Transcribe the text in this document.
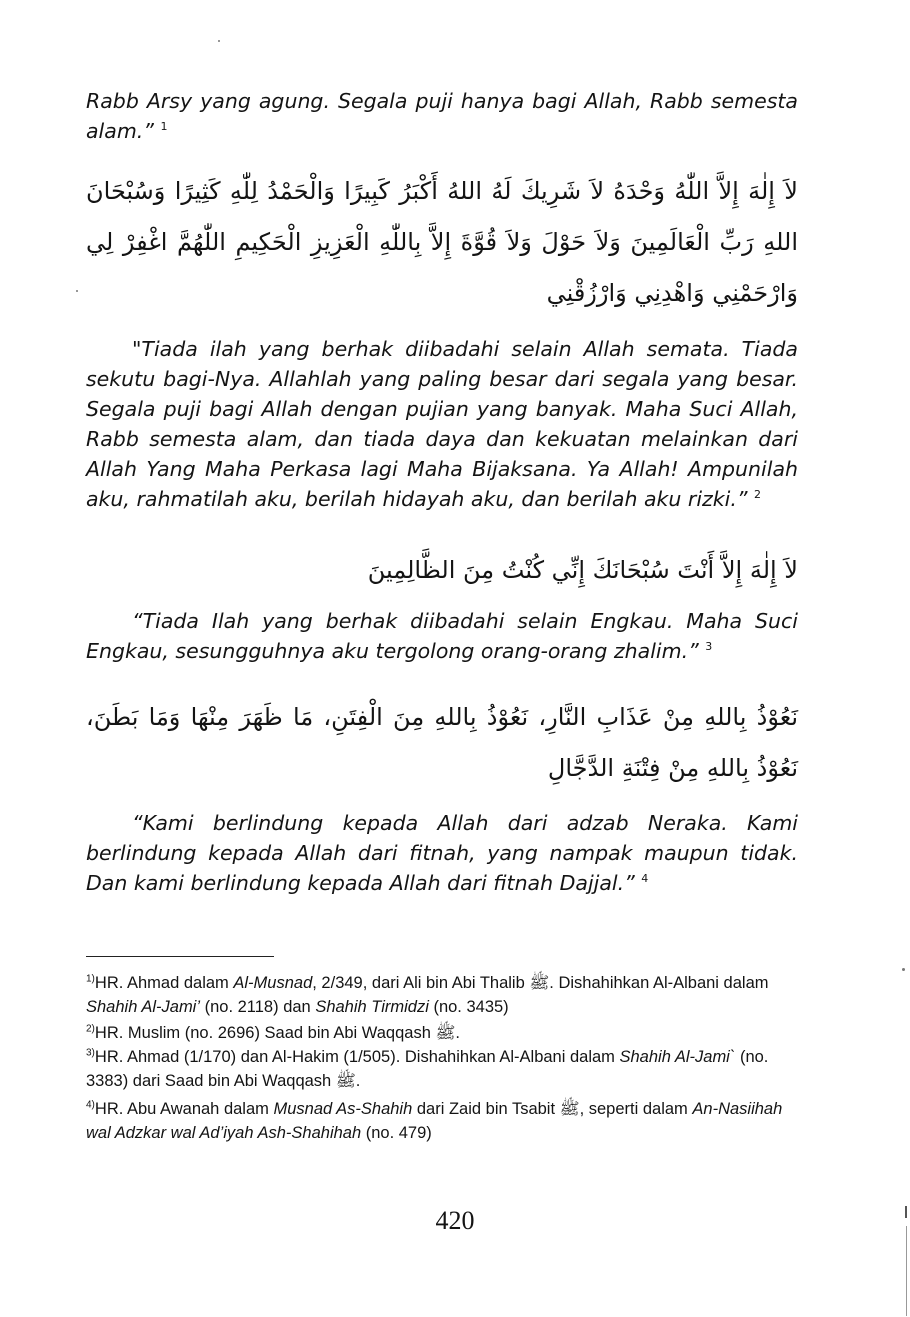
Rabb Arsy yang agung. Segala puji hanya bagi Allah, Rabb semesta alam.” $^1$

لاَ إِلٰهَ إِلاَّ اللّٰهُ وَحْدَهُ لاَ شَرِيكَ لَهُ اللهُ أَكْبَرُ كَبِيرًا وَالْحَمْدُ لِلّٰهِ كَثِيرًا وَسُبْحَانَ اللهِ رَبِّ الْعَالَمِينَ وَلاَ حَوْلَ وَلاَ قُوَّةَ إِلاَّ بِاللّٰهِ الْعَزِيزِ الْحَكِيمِ اللّٰهُمَّ اغْفِرْ لِي وَارْحَمْنِي وَاهْدِنِي وَارْزُقْنِي

"Tiada ilah yang berhak diibadahi selain Allah semata. Tiada sekutu bagi-Nya. Allahlah yang paling besar dari segala yang besar. Segala puji bagi Allah dengan pujian yang banyak. Maha Suci Allah, Rabb semesta alam, dan tiada daya dan kekuatan melainkan dari Allah Yang Maha Perkasa lagi Maha Bijaksana. Ya Allah! Ampunilah aku, rahmatilah aku, berilah hidayah aku, dan berilah aku rizki.” $^2$

لاَ إِلٰهَ إِلاَّ أَنْتَ سُبْحَانَكَ إِنِّي كُنْتُ مِنَ الظَّالِمِينَ

“Tiada Ilah yang berhak diibadahi selain Engkau. Maha Suci Engkau, sesungguhnya aku tergolong orang-orang zhalim.” $^3$

نَعُوْذُ بِاللهِ مِنْ عَذَابِ النَّارِ، نَعُوْذُ بِاللهِ مِنَ الْفِتَنِ، مَا ظَهَرَ مِنْهَا وَمَا بَطَنَ، نَعُوْذُ بِاللهِ مِنْ فِتْنَةِ الدَّجَّالِ

“Kami berlindung kepada Allah dari adzab Neraka. Kami berlindung kepada Allah dari fitnah, yang nampak maupun tidak. Dan kami berlindung kepada Allah dari fitnah Dajjal.” $^4$

$^{1)}$HR. Ahmad dalam Al-Musnad, 2/349, dari Ali bin Abi Thalib ﷺ. Dishahihkan Al-Albani dalam Shahih Al-Jami’ (no. 2118) dan Shahih Tirmidzi (no. 3435)
$^{2)}$HR. Muslim (no. 2696) Saad bin Abi Waqqash ﷺ.
$^{3)}$HR. Ahmad (1/170) dan Al-Hakim (1/505). Dishahihkan Al-Albani dalam Shahih Al-Jami` (no. 3383) dari Saad bin Abi Waqqash ﷺ.
$^{4)}$HR. Abu Awanah dalam Musnad As-Shahih dari Zaid bin Tsabit ﷺ, seperti dalam An-Nasiihah wal Adzkar wal Ad’iyah Ash-Shahihah (no. 479)
420
